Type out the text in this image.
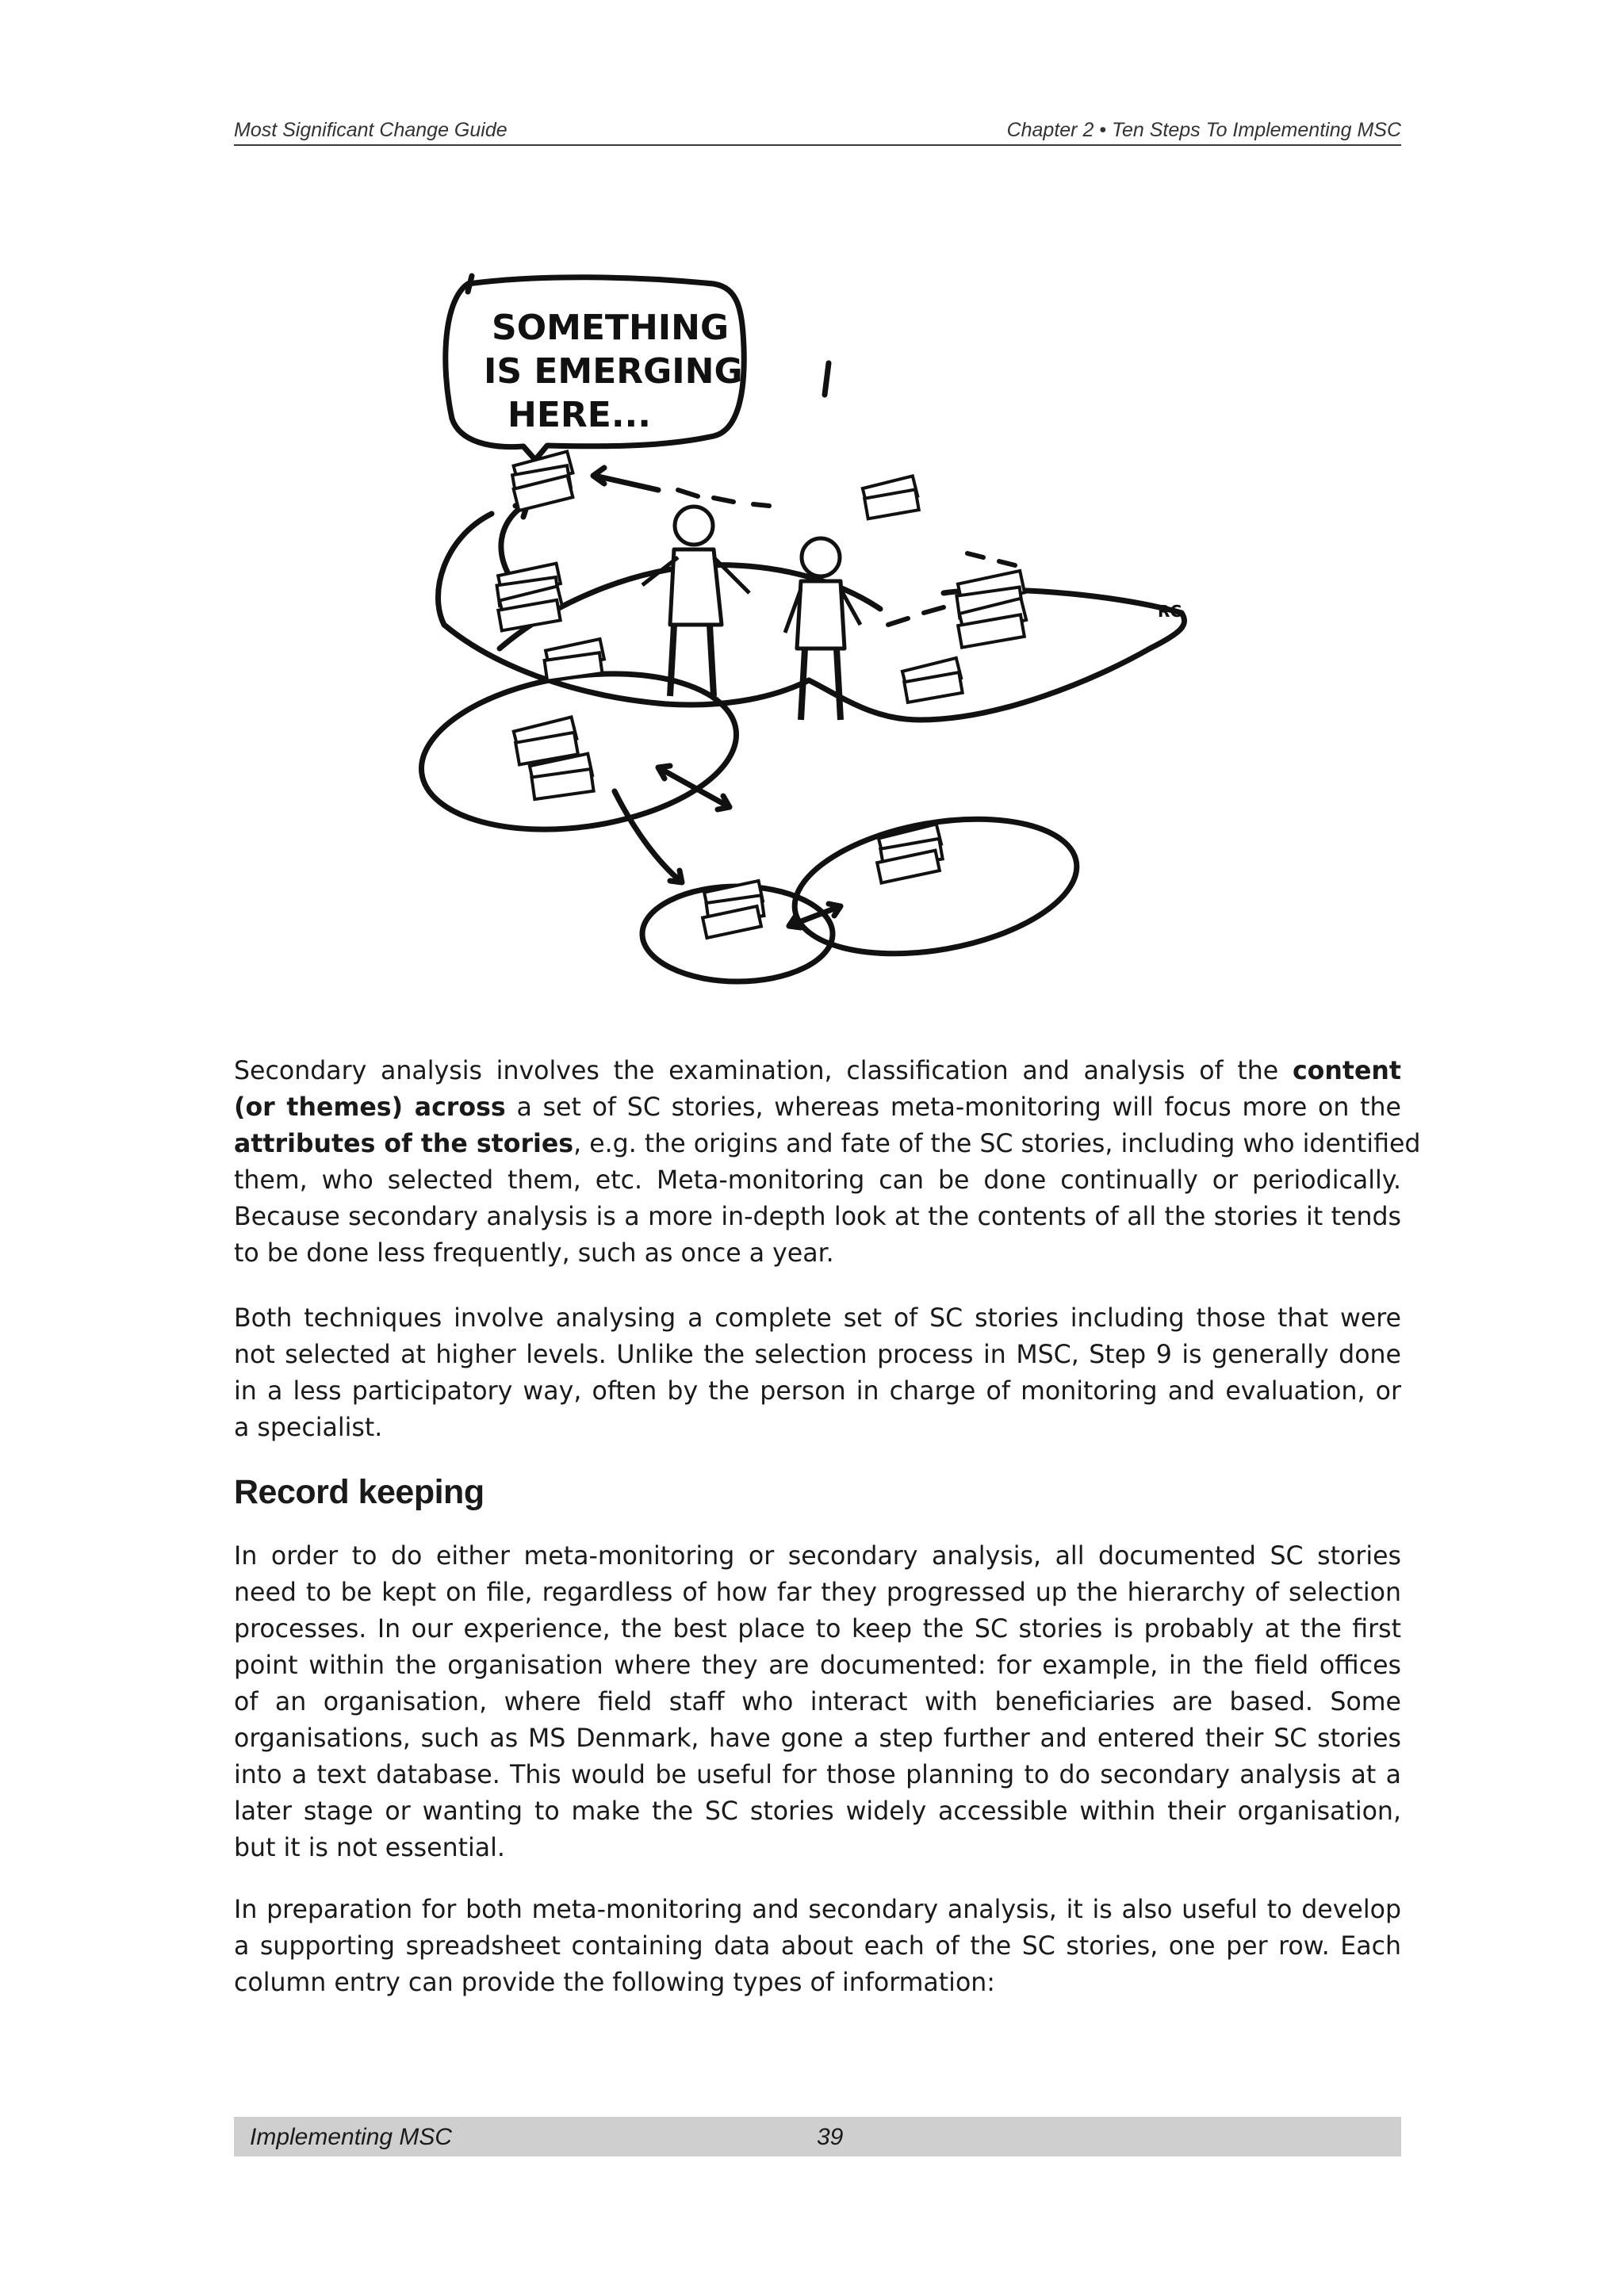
Most Significant Change Guide	Chapter 2 • Ten Steps To Implementing MSC
SOMETHING
IS EMERGING
HERE...
RC
Secondary analysis involves the examination, classification and analysis of the content
(or themes) across a set of SC stories, whereas meta-monitoring will focus more on the
attributes of the stories, e.g. the origins and fate of the SC stories, including who identified
them, who selected them, etc. Meta-monitoring can be done continually or periodically.
Because secondary analysis is a more in-depth look at the contents of all the stories it tends
to be done less frequently, such as once a year.
Both techniques involve analysing a complete set of SC stories including those that were
not selected at higher levels. Unlike the selection process in MSC, Step 9 is generally done
in a less participatory way, often by the person in charge of monitoring and evaluation, or
a specialist.
Record keeping
In order to do either meta-monitoring or secondary analysis, all documented SC stories
need to be kept on file, regardless of how far they progressed up the hierarchy of selection
processes. In our experience, the best place to keep the SC stories is probably at the first
point within the organisation where they are documented: for example, in the field offices
of an organisation, where field staff who interact with beneficiaries are based. Some
organisations, such as MS Denmark, have gone a step further and entered their SC stories
into a text database. This would be useful for those planning to do secondary analysis at a
later stage or wanting to make the SC stories widely accessible within their organisation,
but it is not essential.
In preparation for both meta-monitoring and secondary analysis, it is also useful to develop
a supporting spreadsheet containing data about each of the SC stories, one per row. Each
column entry can provide the following types of information:
Implementing MSC	39
